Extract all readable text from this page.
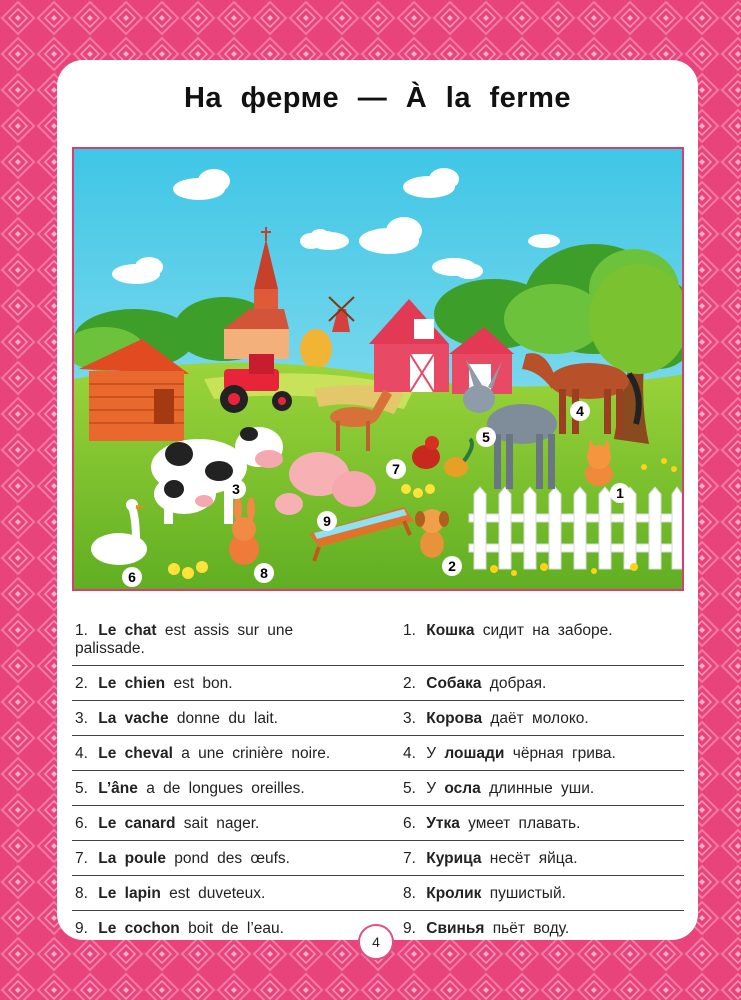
На ферме — À la ferme
1
2
3
4
5
6
7
8
9
1. Le chat est assis sur une palissade.
1. Кошка сидит на заборе.
2. Le chien est bon.	2. Собака добрая.
3. La vache donne du lait.	3. Корова даёт молоко.
4. Le cheval a une crinière noire.	4. У лошади чёрная грива.
5. L’âne a de longues oreilles.	5. У осла длинные уши.
6. Le canard sait nager.	6. Утка умеет плавать.
7. La poule pond des œufs.	7. Курица несёт яйца.
8. Le lapin est duveteux.	8. Кролик пушистый.
9. Le cochon boit de l’eau.	9. Свинья пьёт воду.
4
